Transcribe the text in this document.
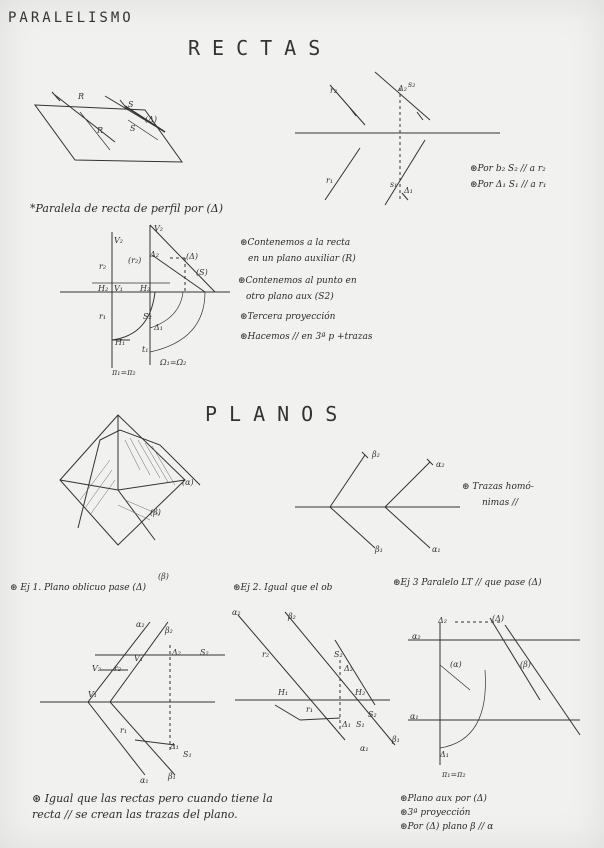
PARALELISMO
RECTAS
R
S
(Δ)
R	S
r₂	Δ₂ s₂
r₁	s₁
Δ₁
⊛Por b₂ S₂ // a r₂
⊛Por Δ₁ S₁ // a r₁
*Paralela de recta de perfil por (Δ)
r₂
(r₂)
Δ₂	(Δ)
(S)
r₁	S₂
Δ₁
H₁
t₁
Ω₁=Ω₂
π₁=π₂
V₂
V₁
H₂	H₂
V₂
⊛Contenemos a la recta
en un plano auxiliar (R)
⊛Contenemos al punto en
otro plano aux (S2)
⊛Tercera proyección
⊛Hacemos // en 3ª p +trazas
PLANOS
β₂
α₂
β₁	α₁
(α)
(β)
⊛ Trazas homó-
nimas //
⊛ Ej 1. Plano oblicuo pase (Δ)
(β)
⊛Ej 2. Igual que el ob	⊛Ej 3 Paralelo LT // que pase (Δ)
α₂
β₂
V₂ r₂
V₁
Δ₂ S₂
V₁
r₁
Δ₁
S₁
α₁ β₁
α₂	β₂
r₂	S₂
Δ₂
H₁	H₂
r₁
Δ₁ S₁
S₂
α₁
β₁
Δ₂	(Δ)
α₂
(α)	(β)
α₁
Δ₁
π₁=π₂
⊛ Igual que las rectas pero cuando tiene la
recta // se crean las trazas del plano.
⊛Plano aux por (Δ)
⊛3ª proyección
⊛Por (Δ) plano β // α
